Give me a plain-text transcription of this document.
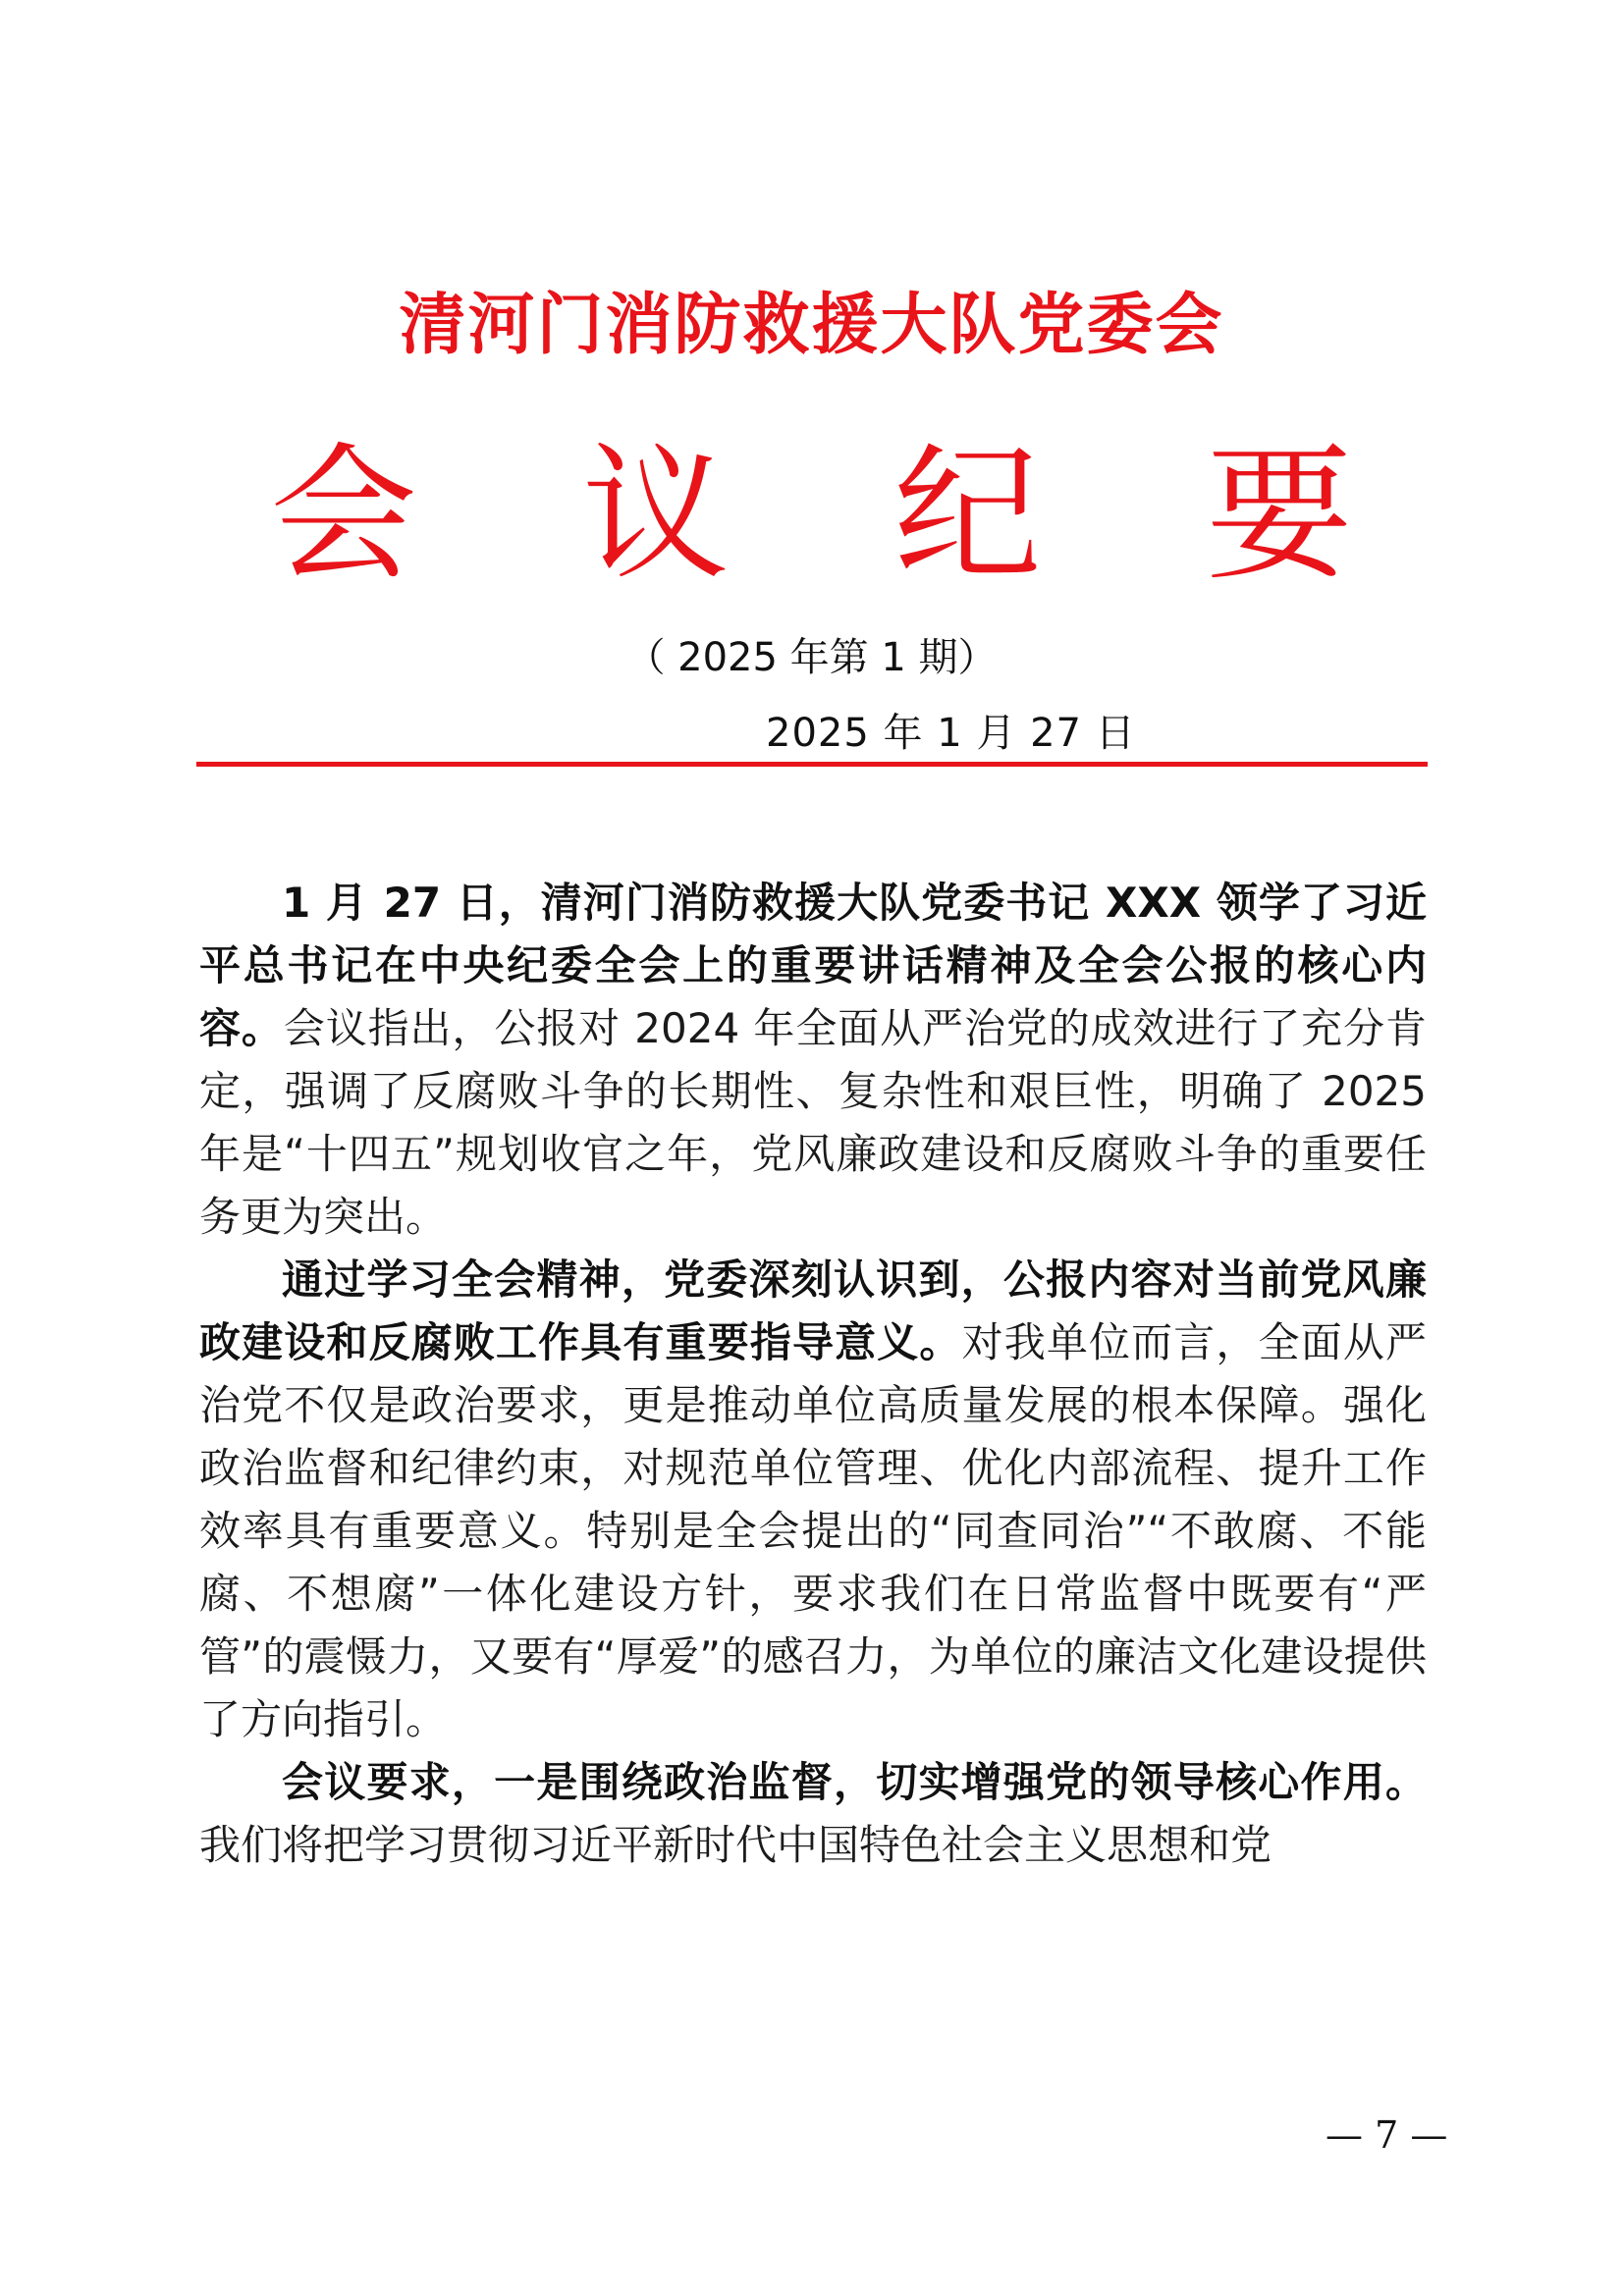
清河门消防救援大队党委会
会 议 纪 要
（ 2025 年第 1 期）
2025 年 1 月 27 日

1 月 27 日，清河门消防救援大队党委书记 XXX 领学了习近平总书记在中央纪委全会上的重要讲话精神及全会公报的核心内容。会议指出，公报对 2024 年全面从严治党的成效进行了充分肯定，强调了反腐败斗争的长期性、复杂性和艰巨性，明确了 2025 年是“十四五”规划收官之年，党风廉政建设和反腐败斗争的重要任务更为突出。

通过学习全会精神，党委深刻认识到，公报内容对当前党风廉政建设和反腐败工作具有重要指导意义。对我单位而言，全面从严治党不仅是政治要求，更是推动单位高质量发展的根本保障。强化政治监督和纪律约束，对规范单位管理、优化内部流程、提升工作效率具有重要意义。特别是全会提出的“同查同治”“不敢腐、不能腐、不想腐”一体化建设方针，要求我们在日常监督中既要有“严管”的震慑力，又要有“厚爱”的感召力，为单位的廉洁文化建设提供了方向指引。

会议要求，一是围绕政治监督，切实增强党的领导核心作用。我们将把学习贯彻习近平新时代中国特色社会主义思想和党

— 7 —
